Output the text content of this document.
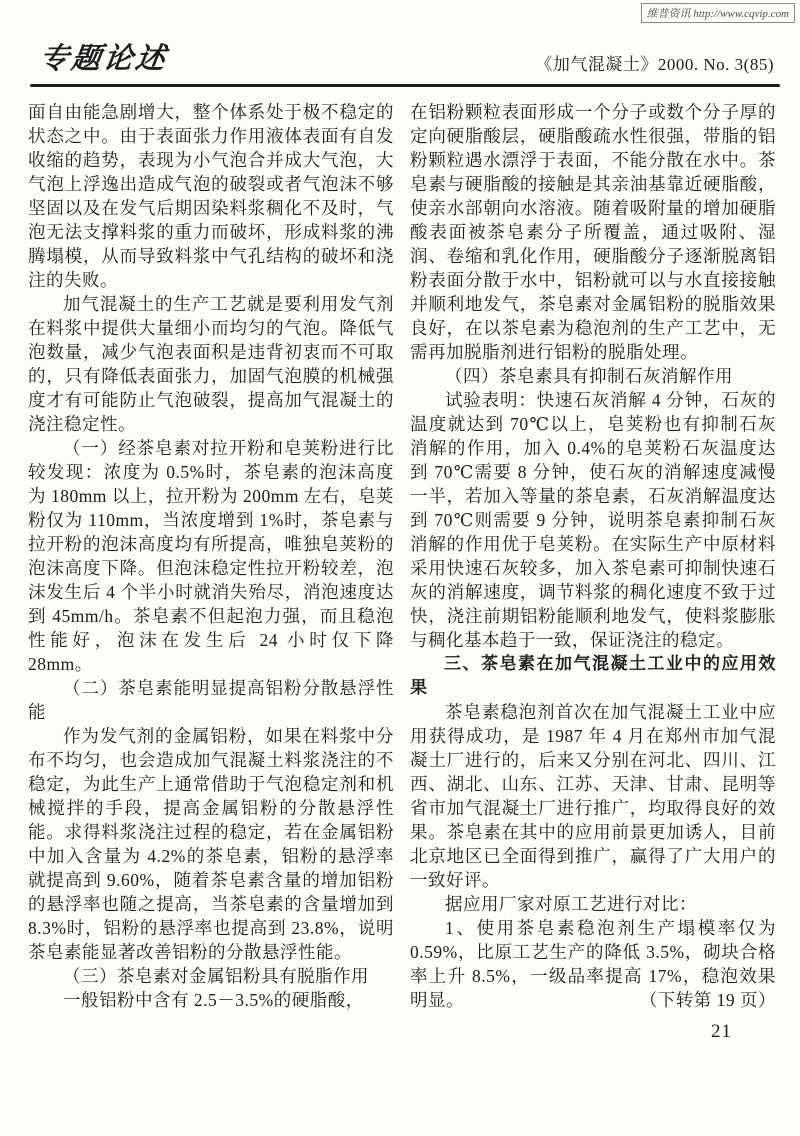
维普资讯 http://www.cqvip.com
专题论述	《加气混凝土》2000. No. 3(85)

面自由能急剧增大，整个体系处于极不稳定的状态之中。由于表面张力作用液体表面有自发收缩的趋势，表现为小气泡合并成大气泡，大气泡上浮逸出造成气泡的破裂或者气泡沫不够坚固以及在发气后期因染料浆稠化不及时，气泡无法支撑料浆的重力而破坏，形成料浆的沸腾塌模，从而导致料浆中气孔结构的破坏和浇注的失败。

加气混凝土的生产工艺就是要利用发气剂在料浆中提供大量细小而均匀的气泡。降低气泡数量，减少气泡表面积是违背初衷而不可取的，只有降低表面张力，加固气泡膜的机械强度才有可能防止气泡破裂，提高加气混凝土的浇注稳定性。

（一）经茶皂素对拉开粉和皂荚粉进行比较发现：浓度为 0.5%时，茶皂素的泡沫高度为 180mm 以上，拉开粉为 200mm 左右，皂荚粉仅为 110mm，当浓度增到 1%时，茶皂素与拉开粉的泡沫高度均有所提高，唯独皂荚粉的泡沫高度下降。但泡沫稳定性拉开粉较差，泡沫发生后 4 个半小时就消失殆尽，消泡速度达到 45mm/h。茶皂素不但起泡力强，而且稳泡性能好，泡沫在发生后 24 小时仅下降 28mm。

（二）茶皂素能明显提高铝粉分散悬浮性能

作为发气剂的金属铝粉，如果在料浆中分布不均匀，也会造成加气混凝土料浆浇注的不稳定，为此生产上通常借助于气泡稳定剂和机械搅拌的手段，提高金属铝粉的分散悬浮性能。求得料浆浇注过程的稳定，若在金属铝粉中加入含量为 4.2%的茶皂素，铝粉的悬浮率就提高到 9.60%，随着茶皂素含量的增加铝粉的悬浮率也随之提高，当茶皂素的含量增加到 8.3%时，铝粉的悬浮率也提高到 23.8%，说明茶皂素能显著改善铝粉的分散悬浮性能。

（三）茶皂素对金属铝粉具有脱脂作用

一般铝粉中含有 2.5－3.5%的硬脂酸，

在铝粉颗粒表面形成一个分子或数个分子厚的定向硬脂酸层，硬脂酸疏水性很强，带脂的铝粉颗粒遇水漂浮于表面，不能分散在水中。茶皂素与硬脂酸的接触是其亲油基靠近硬脂酸，使亲水部朝向水溶液。随着吸附量的增加硬脂酸表面被茶皂素分子所覆盖，通过吸附、湿润、卷缩和乳化作用，硬脂酸分子逐渐脱离铝粉表面分散于水中，铝粉就可以与水直接接触并顺利地发气，茶皂素对金属铝粉的脱脂效果良好，在以茶皂素为稳泡剂的生产工艺中，无需再加脱脂剂进行铝粉的脱脂处理。

（四）茶皂素具有抑制石灰消解作用

试验表明：快速石灰消解 4 分钟，石灰的温度就达到 70℃以上，皂荚粉也有抑制石灰消解的作用，加入 0.4%的皂荚粉石灰温度达到 70℃需要 8 分钟，使石灰的消解速度减慢一半，若加入等量的茶皂素，石灰消解温度达到 70℃则需要 9 分钟，说明茶皂素抑制石灰消解的作用优于皂荚粉。在实际生产中原材料采用快速石灰较多，加入茶皂素可抑制快速石灰的消解速度，调节料浆的稠化速度不致于过快，浇注前期铝粉能顺利地发气，使料浆膨胀与稠化基本趋于一致，保证浇注的稳定。

三、茶皂素在加气混凝土工业中的应用效果

茶皂素稳泡剂首次在加气混凝土工业中应用获得成功，是 1987 年 4 月在郑州市加气混凝土厂进行的，后来又分别在河北、四川、江西、湖北、山东、江苏、天津、甘肃、昆明等省市加气混凝土厂进行推广，均取得良好的效果。茶皂素在其中的应用前景更加诱人，目前北京地区已全面得到推广，赢得了广大用户的一致好评。

据应用厂家对原工艺进行对比：

1、使用茶皂素稳泡剂生产塌模率仅为 0.59%，比原工艺生产的降低 3.5%，砌块合格率上升 8.5%，一级品率提高 17%，稳泡效果明显。	（下转第 19 页）

21
